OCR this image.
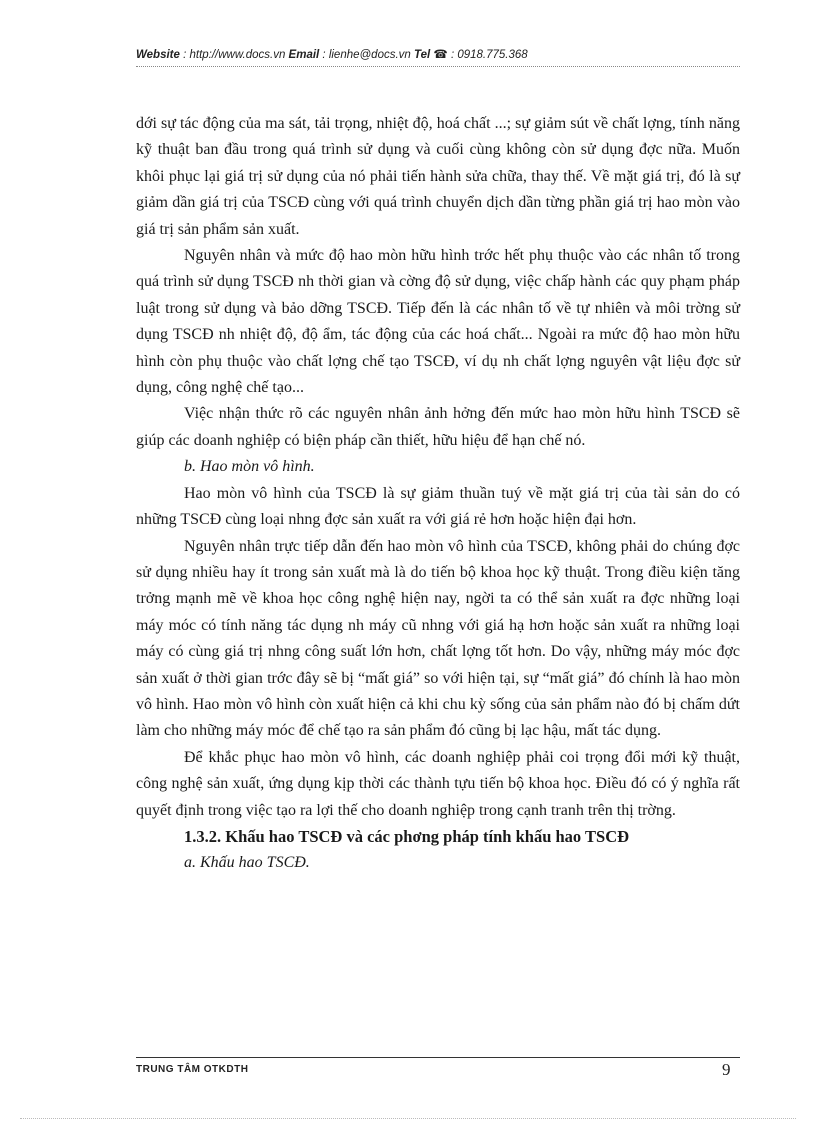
Website : http://www.docs.vn Email : lienhe@docs.vn Tel ☎ : 0918.775.368

dới sự tác động của ma sát, tải trọng, nhiệt độ, hoá chất ...; sự giảm sút về chất lợng, tính năng kỹ thuật ban đầu trong quá trình sử dụng và cuối cùng không còn sử dụng đợc nữa. Muốn khôi phục lại giá trị sử dụng của nó phải tiến hành sửa chữa, thay thế. Về mặt giá trị, đó là sự giảm dần giá trị của TSCĐ cùng với quá trình chuyển dịch dần từng phần giá trị hao mòn vào giá trị sản phẩm sản xuất.

Nguyên nhân và mức độ hao mòn hữu hình trớc hết phụ thuộc vào các nhân tố trong quá trình sử dụng TSCĐ nh thời gian và cờng độ sử dụng, việc chấp hành các quy phạm pháp luật trong sử dụng và bảo dỡng TSCĐ. Tiếp đến là các nhân tố về tự nhiên và môi trờng sử dụng TSCĐ nh nhiệt độ, độ ẩm, tác động của các hoá chất... Ngoài ra mức độ hao mòn hữu hình còn phụ thuộc vào chất lợng chế tạo TSCĐ, ví dụ nh chất lợng nguyên vật liệu đợc sử dụng, công nghệ chế tạo...

Việc nhận thức rõ các nguyên nhân ảnh hởng đến mức hao mòn hữu hình TSCĐ sẽ giúp các doanh nghiệp có biện pháp cần thiết, hữu hiệu để hạn chế nó.

b. Hao mòn vô hình.

Hao mòn vô hình của TSCĐ là sự giảm thuần tuý về mặt giá trị của tài sản do có những TSCĐ cùng loại nhng đợc sản xuất ra với giá rẻ hơn hoặc hiện đại hơn.

Nguyên nhân trực tiếp dẫn đến hao mòn vô hình của TSCĐ, không phải do chúng đợc sử dụng nhiều hay ít trong sản xuất mà là do tiến bộ khoa học kỹ thuật. Trong điều kiện tăng trởng mạnh mẽ về khoa học công nghệ hiện nay, ngời ta có thể sản xuất ra đợc những loại máy móc có tính năng tác dụng nh máy cũ nhng với giá hạ hơn hoặc sản xuất ra những loại máy có cùng giá trị nhng công suất lớn hơn, chất lợng tốt hơn. Do vậy, những máy móc đợc sản xuất ở thời gian trớc đây sẽ bị “mất giá” so với hiện tại, sự “mất giá” đó chính là hao mòn vô hình. Hao mòn vô hình còn xuất hiện cả khi chu kỳ sống của sản phẩm nào đó bị chấm dứt làm cho những máy móc để chế tạo ra sản phẩm đó cũng bị lạc hậu, mất tác dụng.

Để khắc phục hao mòn vô hình, các doanh nghiệp phải coi trọng đổi mới kỹ thuật, công nghệ sản xuất, ứng dụng kịp thời các thành tựu tiến bộ khoa học. Điều đó có ý nghĩa rất quyết định trong việc tạo ra lợi thế cho doanh nghiệp trong cạnh tranh trên thị trờng.

1.3.2. Khấu hao TSCĐ và các phơng pháp tính khấu hao TSCĐ

a. Khấu hao TSCĐ.

TRUNG TÂM OTKDTH	9
